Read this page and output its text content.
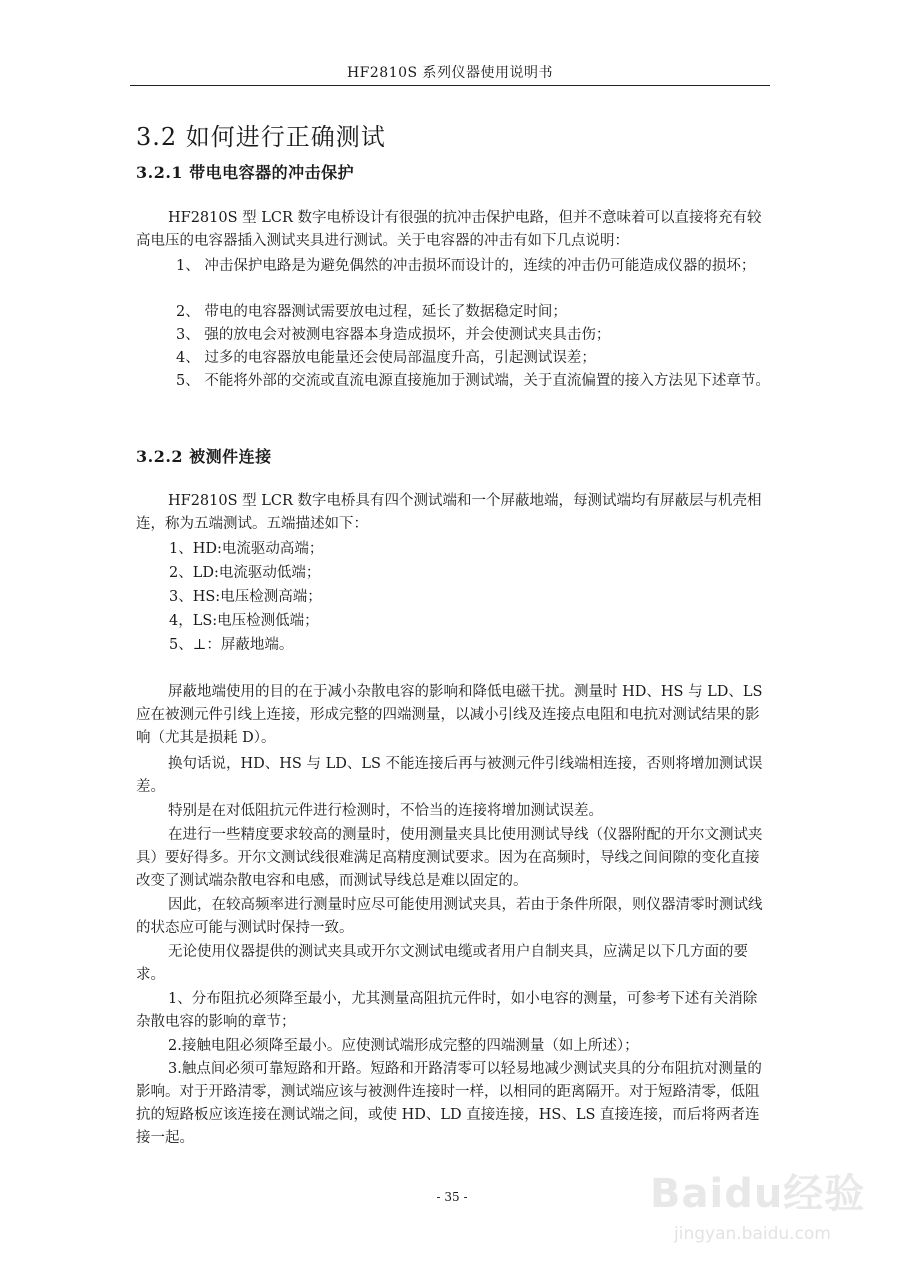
HF2810S 系列仪器使用说明书
3.2 如何进行正确测试
3.2.1 带电电容器的冲击保护

HF2810S 型 LCR 数字电桥设计有很强的抗冲击保护电路，但并不意味着可以直接将充有较高电压的电容器插入测试夹具进行测试。关于电容器的冲击有如下几点说明：

1、 冲击保护电路是为避免偶然的冲击损坏而设计的，连续的冲击仍可能造成仪器的损坏；

2、 带电的电容器测试需要放电过程，延长了数据稳定时间；

3、 强的放电会对被测电容器本身造成损坏，并会使测试夹具击伤；

4、 过多的电容器放电能量还会使局部温度升高，引起测试误差；

5、 不能将外部的交流或直流电源直接施加于测试端，关于直流偏置的接入方法见下述章节。

3.2.2 被测件连接

HF2810S 型 LCR 数字电桥具有四个测试端和一个屏蔽地端，每测试端均有屏蔽层与机壳相连，称为五端测试。五端描述如下：

1、HD:电流驱动高端；
2、LD:电流驱动低端；
3、HS:电压检测高端；
4，LS:电压检测低端；
5、⊥：屏蔽地端。

屏蔽地端使用的目的在于减小杂散电容的影响和降低电磁干扰。测量时 HD、HS 与 LD、LS 应在被测元件引线上连接，形成完整的四端测量，以减小引线及连接点电阻和电抗对测试结果的影响（尤其是损耗 D）。

换句话说，HD、HS 与 LD、LS 不能连接后再与被测元件引线端相连接，否则将增加测试误差。

特别是在对低阻抗元件进行检测时，不恰当的连接将增加测试误差。

在进行一些精度要求较高的测量时，使用测量夹具比使用测试导线（仪器附配的开尔文测试夹具）要好得多。开尔文测试线很难满足高精度测试要求。因为在高频时，导线之间间隙的变化直接改变了测试端杂散电容和电感，而测试导线总是难以固定的。

因此，在较高频率进行测量时应尽可能使用测试夹具，若由于条件所限，则仪器清零时测试线的状态应可能与测试时保持一致。

无论使用仪器提供的测试夹具或开尔文测试电缆或者用户自制夹具，应满足以下几方面的要求。

1、分布阻抗必须降至最小，尤其测量高阻抗元件时，如小电容的测量，可参考下述有关消除杂散电容的影响的章节；

2.接触电阻必须降至最小。应使测试端形成完整的四端测量（如上所述）；

3.触点间必须可靠短路和开路。短路和开路清零可以轻易地减少测试夹具的分布阻抗对测量的影响。对于开路清零，测试端应该与被测件连接时一样，以相同的距离隔开。对于短路清零，低阻抗的短路板应该连接在测试端之间，或使 HD、LD 直接连接，HS、LS 直接连接，而后将两者连接一起。

- 35 -	Baidu经验
jingyan.baidu.com
